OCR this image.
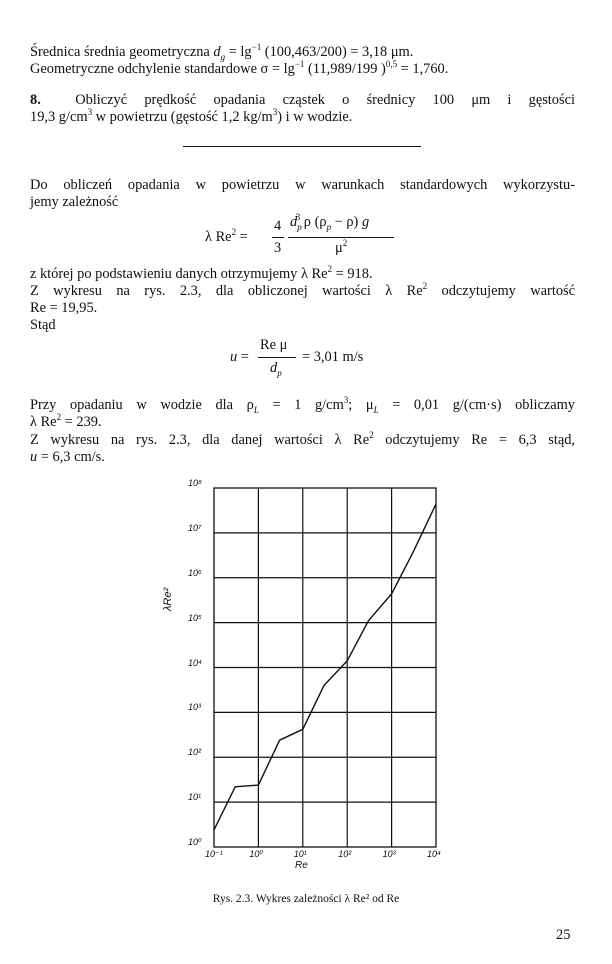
Średnica średnia geometryczna $d_g = \lg^{-1} (100,463/200) = 3,18$ μm.

Geometryczne odchylenie standardowe $\sigma = \lg^{-1} (11,989/199$ )$^{0,5}$ = 1,760.

8.  Obliczyć prędkość opadania cząstek o średnicy 100 μm i gęstości

19,3 $g/cm^3$ w powietrzu (gęstość 1,2 $kg/m^3$) i w wodzie.

Do obliczeń opadania w powietrzu w warunkach standardowych wykorzystu-

jemy zależność

λ $Re^2$ =
4
3
$d_p^3$ ρ $(\rho_p - \rho)$ g
$\mu^2$

z której po podstawieniu danych otrzymujemy λ $Re^2 = 918$.

Z wykresu na rys. 2.3, dla obliczonej wartości λ Re$^2$ odczytujemy wartość

Re = 19,95.

Stąd

u =
Re μ
$d_p$
= 3,01 m/s

Przy opadaniu w wodzie dla $\rho_L = 1$ $g/cm^3$; $\mu_L = 0,01$ g/(cm·s) obliczamy

λ $Re^2 = 239$.

Z wykresu na rys. 2.3, dla danej wartości λ Re$^2$ odczytujemy Re = 6,3 stąd,

u = 6,3 cm/s.

10⁰
10¹
10²
10³
10⁴
10⁵
10⁶
10⁷
10⁸
10⁻¹	10⁰	10¹	10²	10³	10⁴
λRe²
Re
Rys. 2.3. Wykres zależności λ Re² od Re
25
